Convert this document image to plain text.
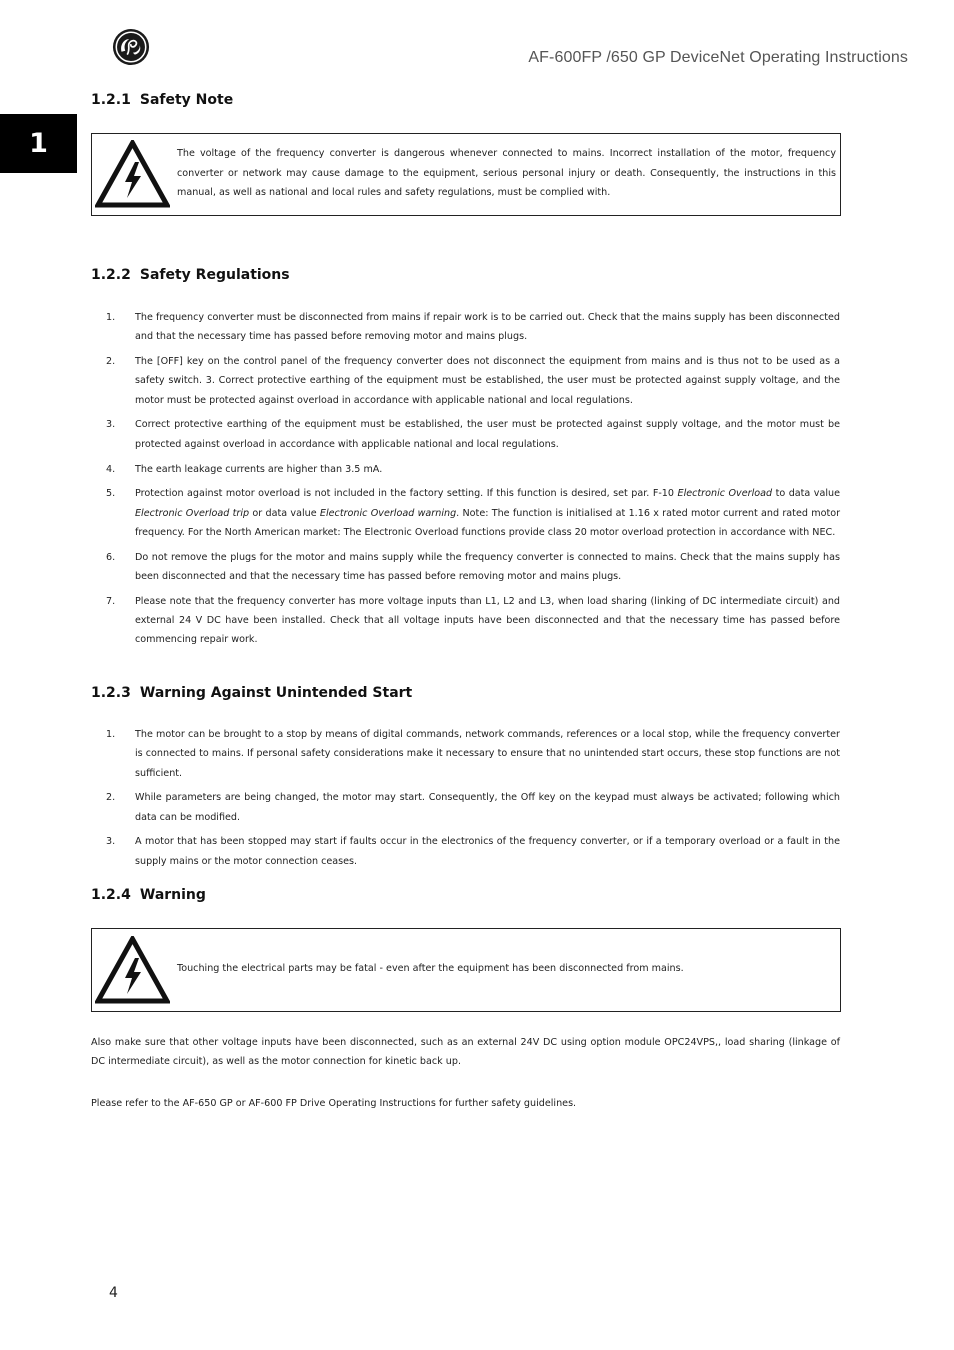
AF-600FP /650 GP DeviceNet Operating Instructions
1
1.2.1 Safety Note
The voltage of the frequency converter is dangerous whenever connected to mains. Incorrect installation of the motor, frequency converter or network may cause damage to the equipment, serious personal injury or death. Consequently, the instructions in this manual, as well as national and local rules and safety regulations, must be complied with.
1.2.2 Safety Regulations
1. The frequency converter must be disconnected from mains if repair work is to be carried out. Check that the mains supply has been disconnected and that the necessary time has passed before removing motor and mains plugs.
2. The [OFF] key on the control panel of the frequency converter does not disconnect the equipment from mains and is thus not to be used as a safety switch. 3. Correct protective earthing of the equipment must be established, the user must be protected against supply voltage, and the motor must be protected against overload in accordance with applicable national and local regulations.
3. Correct protective earthing of the equipment must be established, the user must be protected against supply voltage, and the motor must be protected against overload in accordance with applicable national and local regulations.
4. The earth leakage currents are higher than 3.5 mA.
5. Protection against motor overload is not included in the factory setting. If this function is desired, set par. F-10 Electronic Overload to data value Electronic Overload trip or data value Electronic Overload warning. Note: The function is initialised at 1.16 x rated motor current and rated motor frequency. For the North American market: The Electronic Overload functions provide class 20 motor overload protection in accordance with NEC.
6. Do not remove the plugs for the motor and mains supply while the frequency converter is connected to mains. Check that the mains supply has been disconnected and that the necessary time has passed before removing motor and mains plugs.
7. Please note that the frequency converter has more voltage inputs than L1, L2 and L3, when load sharing (linking of DC intermediate circuit) and external 24 V DC have been installed. Check that all voltage inputs have been disconnected and that the necessary time has passed before commencing repair work.
1.2.3 Warning Against Unintended Start
1. The motor can be brought to a stop by means of digital commands, network commands, references or a local stop, while the frequency converter is connected to mains. If personal safety considerations make it necessary to ensure that no unintended start occurs, these stop functions are not sufficient.
2. While parameters are being changed, the motor may start. Consequently, the Off key on the keypad must always be activated; following which data can be modified.
3. A motor that has been stopped may start if faults occur in the electronics of the frequency converter, or if a temporary overload or a fault in the supply mains or the motor connection ceases.
1.2.4 Warning
Touching the electrical parts may be fatal - even after the equipment has been disconnected from mains.

Also make sure that other voltage inputs have been disconnected, such as an external 24V DC using option module OPC24VPS,, load sharing (linkage of DC intermediate circuit), as well as the motor connection for kinetic back up.

Please refer to the AF-650 GP or AF-600 FP Drive Operating Instructions for further safety guidelines.

4
